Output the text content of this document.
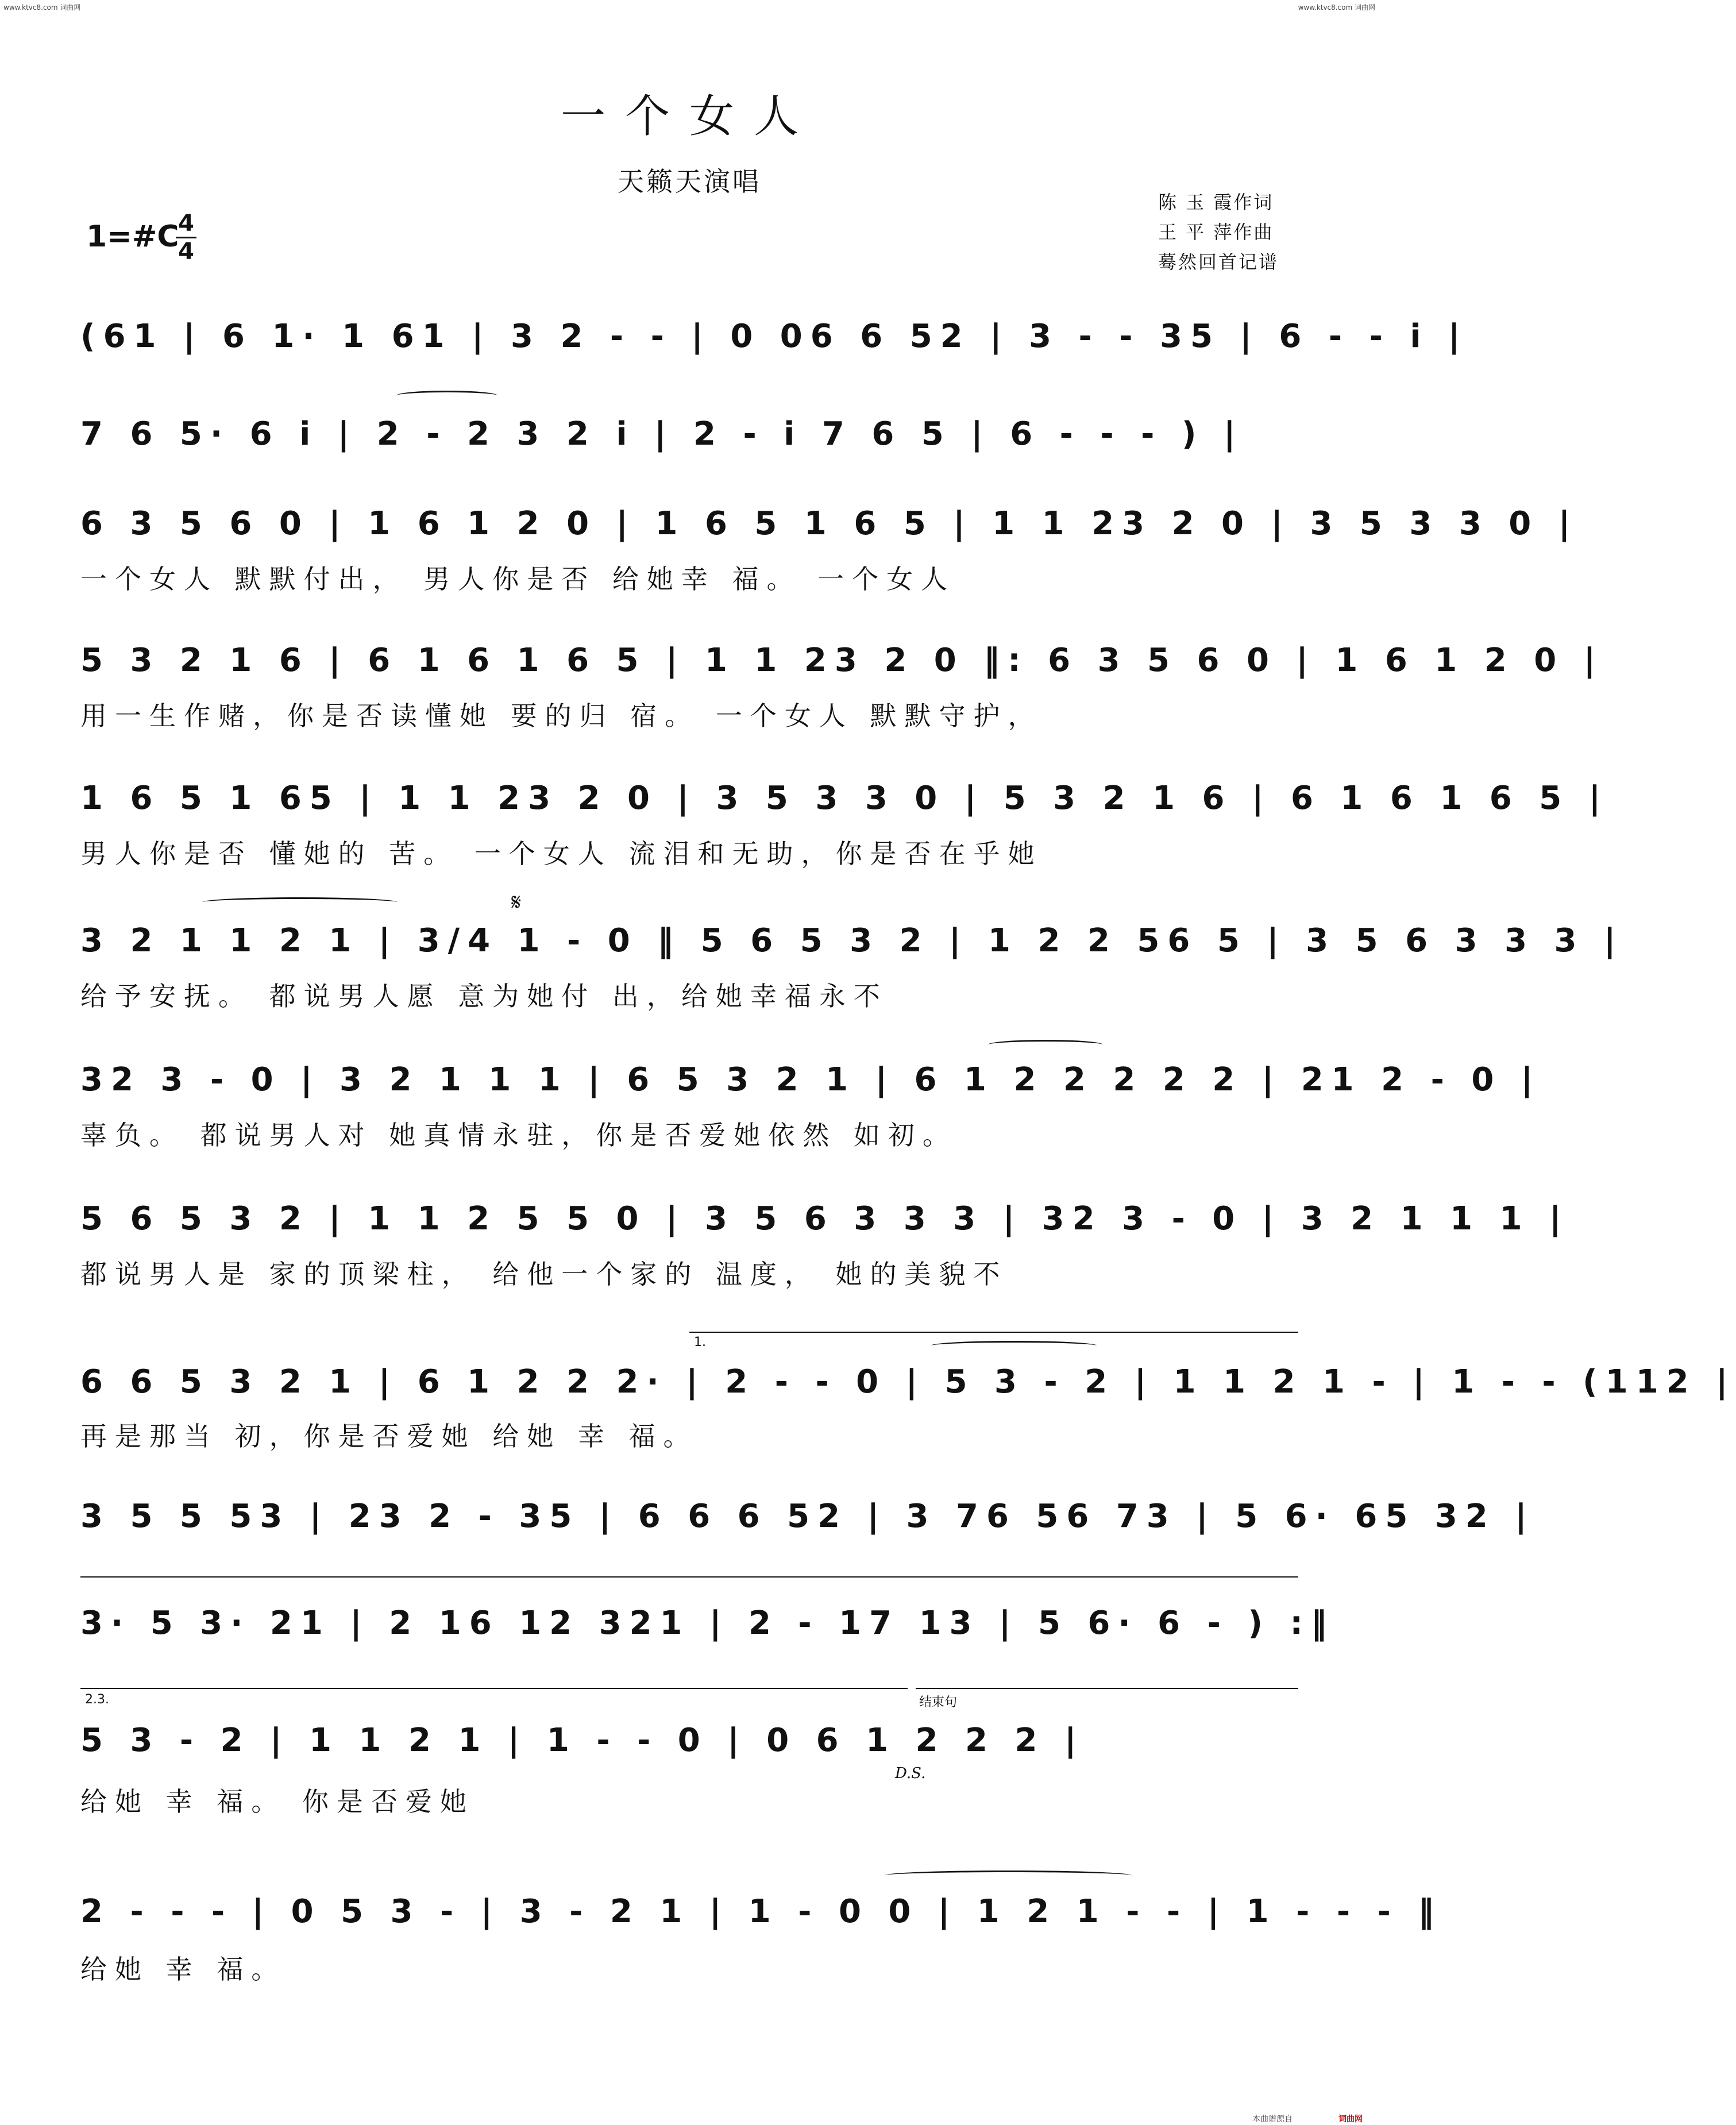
www.ktvc8.com 词曲网	www.ktvc8.com 词曲网
一个女人
天籁天演唱
陈 玉 霞作词
王 平 萍作曲
蓦然回首记谱
1=#C
4
4
(61 | 6 1· 1 61 | 3 2 - - | 0 06 6 52 | 3 - - 35 | 6 - - i |
7 6 5· 6 i | 2 - 2 3 2 i | 2 - i 7 6 5 | 6 - - - ) |
6 3 5 6 0 | 1 6 1 2 0 | 1 6 5 1 6 5 | 1 1 23 2 0 | 3 5 3 3 0 |
一个女人 默默付出， 男人你是否 给她幸 福。 一个女人
5 3 2 1 6 | 6 1 6 1 6 5 | 1 1 23 2 0 ‖: 6 3 5 6 0 | 1 6 1 2 0 |
用一生作赌，你是否读懂她 要的归 宿。 一个女人 默默守护，
1 6 5 1 65 | 1 1 23 2 0 | 3 5 3 3 0 | 5 3 2 1 6 | 6 1 6 1 6 5 |
男人你是否 懂她的 苦。 一个女人 流泪和无助，你是否在乎她
3 2 1 1 2 1 | 3/4 1 - 0 ‖ 5 6 5 3 2 | 1 2 2 56 5 | 3 5 6 3 3 3 |
𝄋
给予安抚。 都说男人愿 意为她付 出，给她幸福永不
32 3 - 0 | 3 2 1 1 1 | 6 5 3 2 1 | 6 1 2 2 2 2 2 | 21 2 - 0 |
辜负。 都说男人对 她真情永驻，你是否爱她依然 如初。
5 6 5 3 2 | 1 1 2 5 5 0 | 3 5 6 3 3 3 | 32 3 - 0 | 3 2 1 1 1 |
都说男人是 家的顶梁柱， 给他一个家的 温度， 她的美貌不
1.
6 6 5 3 2 1 | 6 1 2 2 2· | 2 - - 0 | 5 3 - 2 | 1 1 2 1 - | 1 - - (112 |
再是那当 初，你是否爱她 给她 幸 福。
3 5 5 53 | 23 2 - 35 | 6 6 6 52 | 3 76 56 73 | 5 6· 65 32 |
3· 5 3· 21 | 2 16 12 321 | 2 - 17 13 | 5 6· 6 - ) :‖
2.3.	结束句
5 3 - 2 | 1 1 2 1 | 1 - - 0 | 0 6 1 2 2 2 |
D.S.
给她 幸 福。 你是否爱她
2 - - - | 0 5 3 - | 3 - 2 1 | 1 - 0 0 | 1 2 1 - - | 1 - - - ‖
给她 幸 福。
本曲谱源自	词曲网
